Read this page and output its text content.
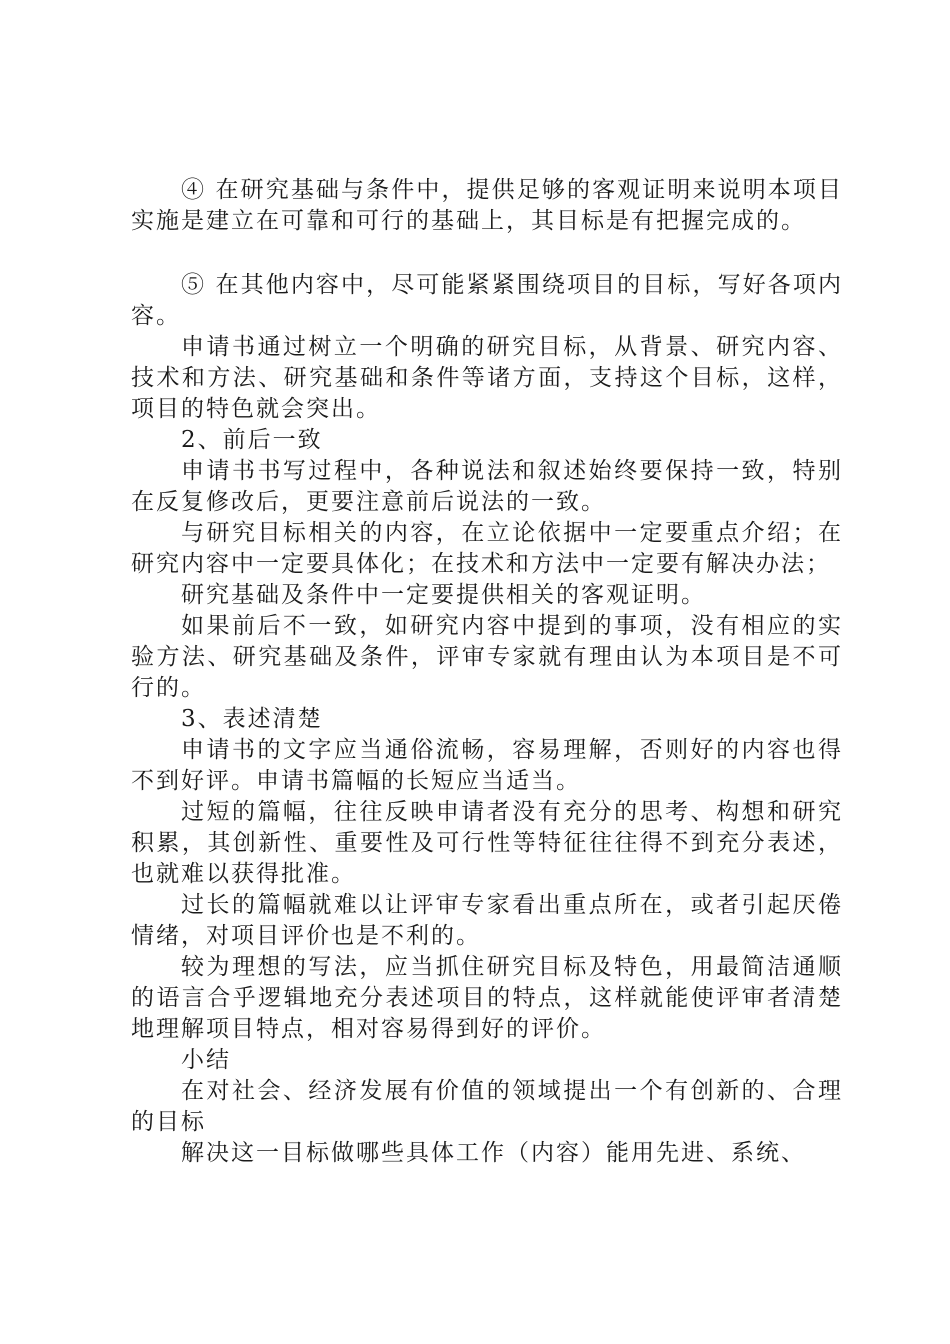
④ 在研究基础与条件中，提供足够的客观证明来说明本项目实施是建立在可靠和可行的基础上，其目标是有把握完成的。

⑤ 在其他内容中，尽可能紧紧围绕项目的目标，写好各项内容。

申请书通过树立一个明确的研究目标，从背景、研究内容、技术和方法、研究基础和条件等诸方面，支持这个目标，这样，项目的特色就会突出。

2、前后一致

申请书书写过程中，各种说法和叙述始终要保持一致，特别在反复修改后，更要注意前后说法的一致。

与研究目标相关的内容，在立论依据中一定要重点介绍；在研究内容中一定要具体化；在技术和方法中一定要有解决办法；

研究基础及条件中一定要提供相关的客观证明。

如果前后不一致，如研究内容中提到的事项，没有相应的实验方法、研究基础及条件，评审专家就有理由认为本项目是不可行的。

3、表述清楚

申请书的文字应当通俗流畅，容易理解，否则好的内容也得不到好评。申请书篇幅的长短应当适当。

过短的篇幅，往往反映申请者没有充分的思考、构想和研究积累，其创新性、重要性及可行性等特征往往得不到充分表述，也就难以获得批准。

过长的篇幅就难以让评审专家看出重点所在，或者引起厌倦情绪，对项目评价也是不利的。

较为理想的写法，应当抓住研究目标及特色，用最简洁通顺的语言合乎逻辑地充分表述项目的特点，这样就能使评审者清楚地理解项目特点，相对容易得到好的评价。

小结

在对社会、经济发展有价值的领域提出一个有创新的、合理的目标

解决这一目标做哪些具体工作（内容）能用先进、系统、
